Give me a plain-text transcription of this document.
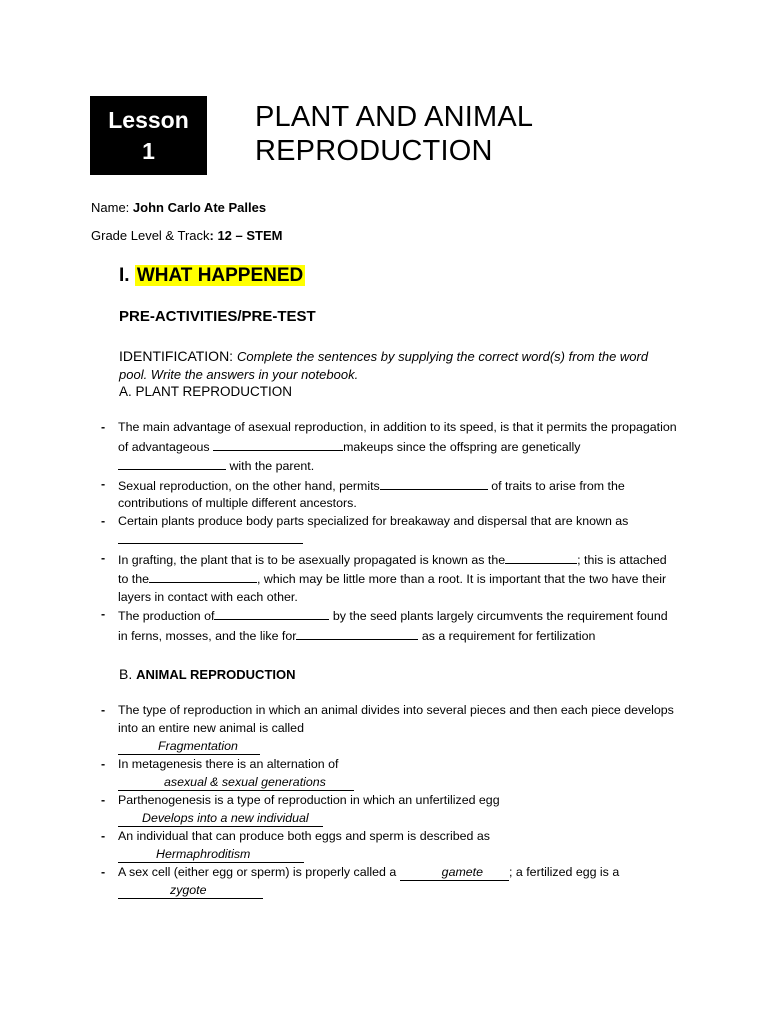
Lesson
1
PLANT AND ANIMAL
REPRODUCTION
Name: John Carlo Ate Palles
Grade Level & Track: 12 – STEM
I. WHAT HAPPENED
PRE-ACTIVITIES/PRE-TEST
IDENTIFICATION: Complete the sentences by supplying the correct word(s) from the word pool. Write the answers in your notebook.
A. PLANT REPRODUCTION
- The main advantage of asexual reproduction, in addition to its speed, is that it permits the propagation of advantageous	makeups since the offspring are genetically with the parent.
- Sexual reproduction, on the other hand, permits	of traits to arise from the contributions of multiple different ancestors.
- Certain plants produce body parts specialized for breakaway and dispersal that are known as
- In grafting, the plant that is to be asexually propagated is known as the	; this is attached to the	, which may be little more than a root. It is important that the two have their layers in contact with each other.
- The production of	by the seed plants largely circumvents the requirement found in ferns, mosses, and the like for	as a requirement for fertilization
B. ANIMAL REPRODUCTION
- The type of reproduction in which an animal divides into several pieces and then each piece develops into an entire new animal is called
Fragmentation
- In metagenesis there is an alternation of
asexual & sexual generations
- Parthenogenesis is a type of reproduction in which an unfertilized egg
Develops into a new individual
- An individual that can produce both eggs and sperm is described as
Hermaphroditism
- A sex cell (either egg or sperm) is properly called a	gamete ; a fertilized egg is a zygote
